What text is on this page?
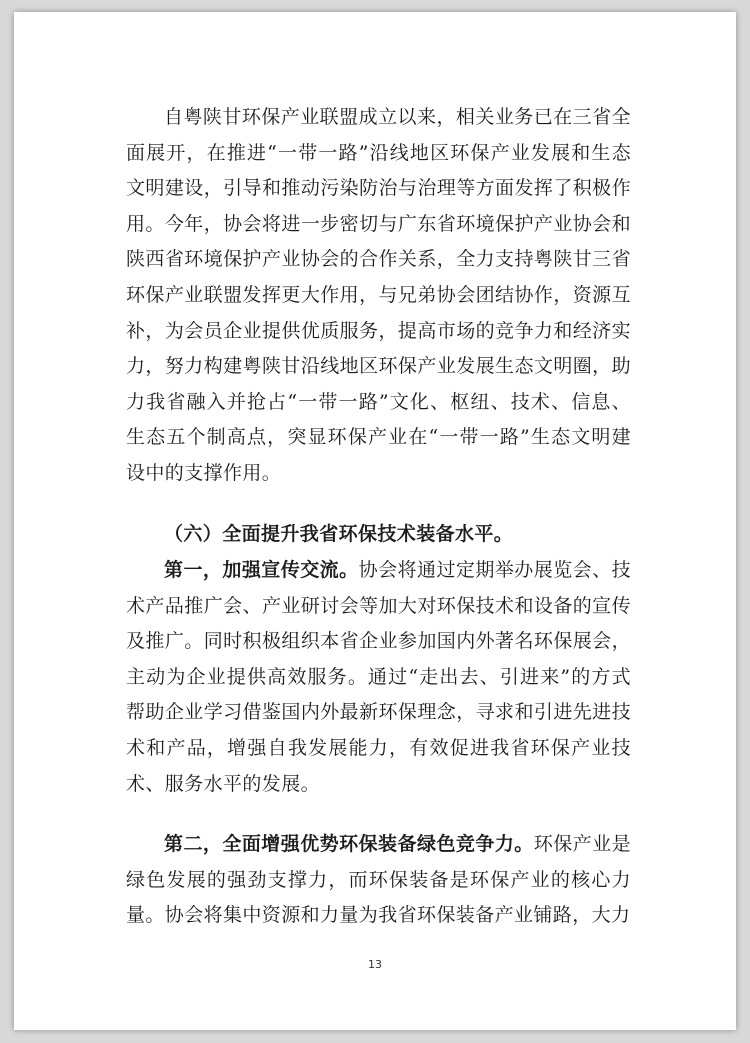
自粤陕甘环保产业联盟成立以来，相关业务已在三省全面展开，在推进“一带一路”沿线地区环保产业发展和生态文明建设，引导和推动污染防治与治理等方面发挥了积极作用。今年，协会将进一步密切与广东省环境保护产业协会和陕西省环境保护产业协会的合作关系，全力支持粤陕甘三省环保产业联盟发挥更大作用，与兄弟协会团结协作，资源互补，为会员企业提供优质服务，提高市场的竞争力和经济实力，努力构建粤陕甘沿线地区环保产业发展生态文明圈，助力我省融入并抢占“一带一路”文化、枢纽、技术、信息、生态五个制高点，突显环保产业在“一带一路”生态文明建设中的支撑作用。

（六）全面提升我省环保技术装备水平。

第一，加强宣传交流。协会将通过定期举办展览会、技术产品推广会、产业研讨会等加大对环保技术和设备的宣传及推广。同时积极组织本省企业参加国内外著名环保展会，主动为企业提供高效服务。通过“走出去、引进来”的方式帮助企业学习借鉴国内外最新环保理念，寻求和引进先进技术和产品，增强自我发展能力，有效促进我省环保产业技术、服务水平的发展。

第二，全面增强优势环保装备绿色竞争力。环保产业是绿色发展的强劲支撑力，而环保装备是环保产业的核心力量。协会将集中资源和力量为我省环保装备产业铺路，大力

13
